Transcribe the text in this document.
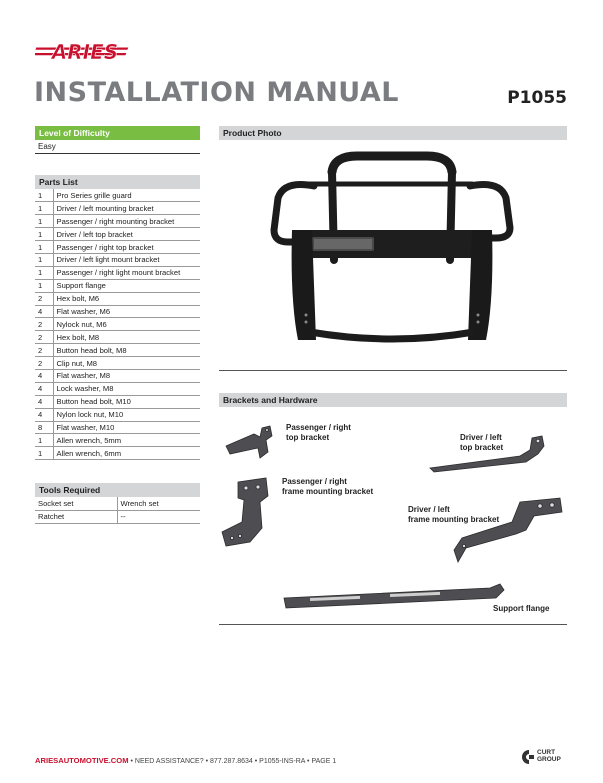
ARIES
INSTALLATION MANUAL	P1055
Level of Difficulty
Easy
Parts List
1	Pro Series grille guard
1	Driver / left mounting bracket
1	Passenger / right mounting bracket
1	Driver / left top bracket
1	Passenger / right top bracket
1	Driver / left light mount bracket
1	Passenger / right light mount bracket
1	Support flange
2	Hex bolt, M6
4	Flat washer, M6
2	Nylock nut, M6
2	Hex bolt, M8
2	Button head bolt, M8
2	Clip nut, M8
4	Flat washer, M8
4	Lock washer, M8
4	Button head bolt, M10
4	Nylon lock nut, M10
8	Flat washer, M10
1	Allen wrench, 5mm
1	Allen wrench, 6mm
Tools Required
Socket set	Wrench set
Ratchet	--
Product Photo
Brackets and Hardware
Passenger / right
top bracket	Driver / left
top bracket
Passenger / right
frame mounting bracket
Driver / left
frame mounting bracket
Support flange
ARIESAUTOMOTIVE.COM • NEED ASSISTANCE? • 877.287.8634 • P1055-INS-RA • PAGE 1
CURT
GROUP
